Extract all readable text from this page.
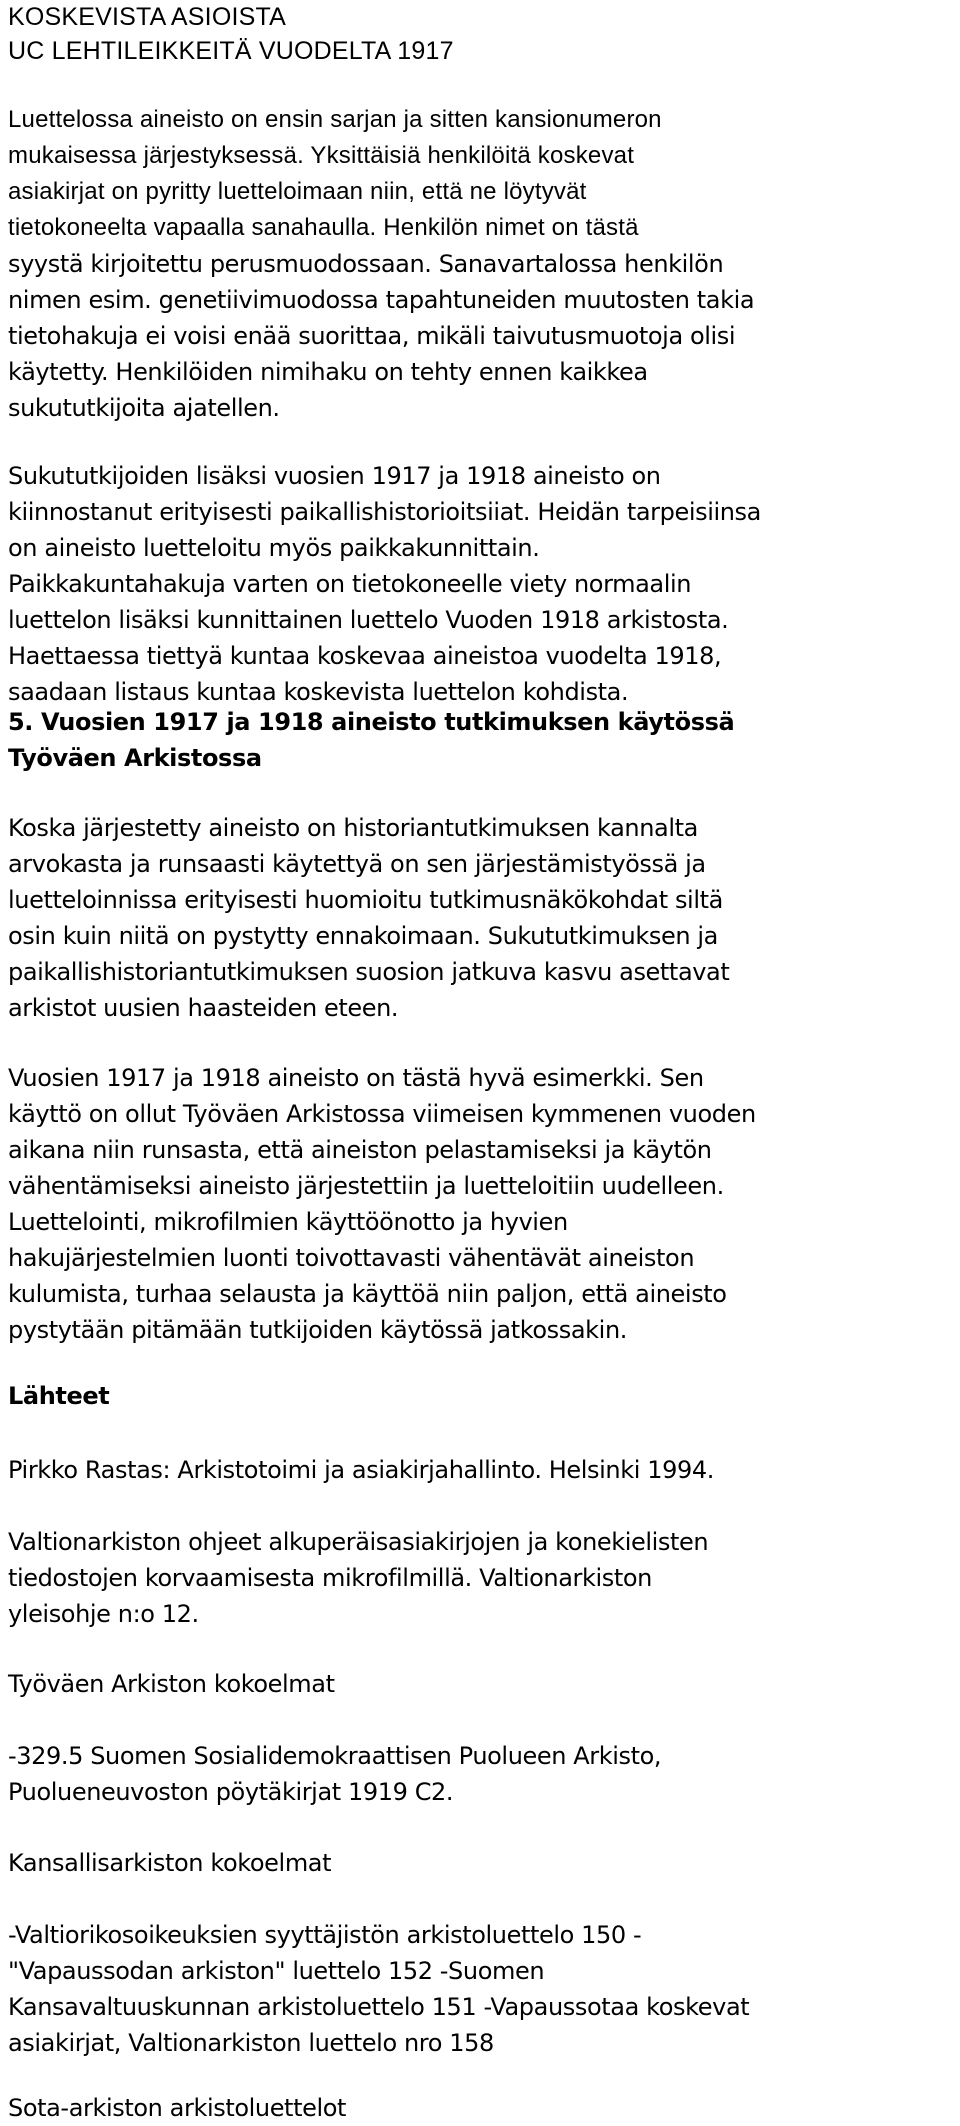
KOSKEVISTA ASIOISTA
UC LEHTILEIKKEITÄ VUODELTA 1917
Luettelossa aineisto on ensin sarjan ja sitten kansionumeron
mukaisessa järjestyksessä. Yksittäisiä henkilöitä koskevat
asiakirjat on pyritty luetteloimaan niin, että ne löytyvät
tietokoneelta vapaalla sanahaulla. Henkilön nimet on tästä
syystä kirjoitettu perusmuodossaan. Sanavartalossa henkilön
nimen esim. genetiivimuodossa tapahtuneiden muutosten takia
tietohakuja ei voisi enää suorittaa, mikäli taivutusmuotoja olisi
käytetty. Henkilöiden nimihaku on tehty ennen kaikkea
sukututkijoita ajatellen.
Sukututkijoiden lisäksi vuosien 1917 ja 1918 aineisto on
kiinnostanut erityisesti paikallishistorioitsiiat. Heidän tarpeisiinsa
on aineisto luetteloitu myös paikkakunnittain.
Paikkakuntahakuja varten on tietokoneelle viety normaalin
luettelon lisäksi kunnittainen luettelo Vuoden 1918 arkistosta.
Haettaessa tiettyä kuntaa koskevaa aineistoa vuodelta 1918,
saadaan listaus kuntaa koskevista luettelon kohdista.
5. Vuosien 1917 ja 1918 aineisto tutkimuksen käytössä
Työväen Arkistossa
Koska järjestetty aineisto on historiantutkimuksen kannalta
arvokasta ja runsaasti käytettyä on sen järjestämistyössä ja
luetteloinnissa erityisesti huomioitu tutkimusnäkökohdat siltä
osin kuin niitä on pystytty ennakoimaan. Sukututkimuksen ja
paikallishistoriantutkimuksen suosion jatkuva kasvu asettavat
arkistot uusien haasteiden eteen.
Vuosien 1917 ja 1918 aineisto on tästä hyvä esimerkki. Sen
käyttö on ollut Työväen Arkistossa viimeisen kymmenen vuoden
aikana niin runsasta, että aineiston pelastamiseksi ja käytön
vähentämiseksi aineisto järjestettiin ja luetteloitiin uudelleen.
Luettelointi, mikrofilmien käyttöönotto ja hyvien
hakujärjestelmien luonti toivottavasti vähentävät aineiston
kulumista, turhaa selausta ja käyttöä niin paljon, että aineisto
pystytään pitämään tutkijoiden käytössä jatkossakin.
Lähteet
Pirkko Rastas: Arkistotoimi ja asiakirjahallinto. Helsinki 1994.
Valtionarkiston ohjeet alkuperäisasiakirjojen ja konekielisten
tiedostojen korvaamisesta mikrofilmillä. Valtionarkiston
yleisohje n:o 12.
Työväen Arkiston kokoelmat
-329.5 Suomen Sosialidemokraattisen Puolueen Arkisto,
Puolueneuvoston pöytäkirjat 1919 C2.
Kansallisarkiston kokoelmat
-Valtiorikosoikeuksien syyttäjistön arkistoluettelo 150 -
"Vapaussodan arkiston" luettelo 152 -Suomen
Kansavaltuuskunnan arkistoluettelo 151 -Vapaussotaa koskevat
asiakirjat, Valtionarkiston luettelo nro 158
Sota-arkiston arkistoluettelot
